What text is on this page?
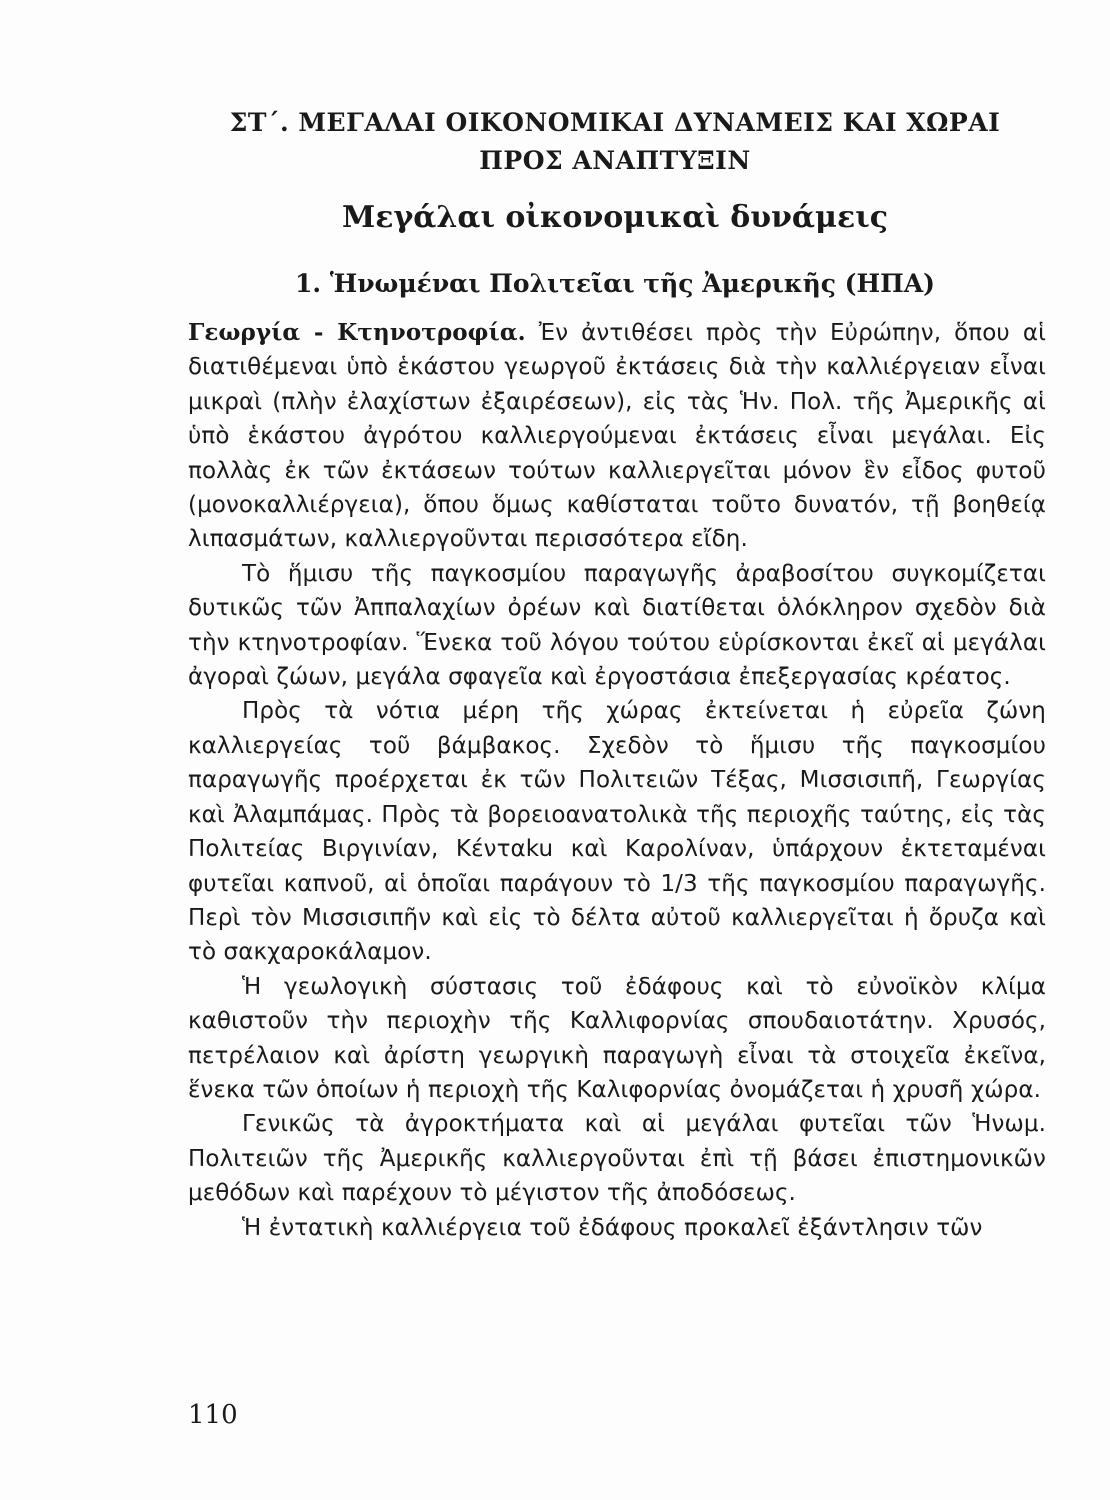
ΣΤ΄. ΜΕΓΑΛΑΙ ΟΙΚΟΝΟΜΙΚΑΙ ΔΥΝΑΜΕΙΣ ΚΑΙ ΧΩΡΑΙ
ΠΡΟΣ ΑΝΑΠΤΥΞΙΝ
Μεγάλαι οἰκονομικαὶ δυνάμεις
1. Ἡνωμέναι Πολιτεῖαι τῆς Ἀμερικῆς (ΗΠΑ)

Γεωργία - Κτηνοτροφία. Ἐν ἀντιθέσει πρὸς τὴν Εὐρώπην, ὅπου αἱ διατιθέμεναι ὑπὸ ἑκάστου γεωργοῦ ἐκτάσεις διὰ τὴν καλλιέργειαν εἶναι μικραὶ (πλὴν ἐλαχίστων ἐξαιρέσεων), εἰς τὰς Ἡν. Πολ. τῆς Ἀμερικῆς αἱ ὑπὸ ἑκάστου ἀγρότου καλλιεργούμεναι ἐκτάσεις εἶναι μεγάλαι. Εἰς πολλὰς ἐκ τῶν ἐκτάσεων τούτων καλλιεργεῖται μόνον ἓν εἶδος φυτοῦ (μονοκαλλιέργεια), ὅπου ὅμως καθίσταται τοῦτο δυνατόν, τῇ βοηθείᾳ λιπασμάτων, καλλιεργοῦνται περισσότερα εἴδη.

Τὸ ἥμισυ τῆς παγκοσμίου παραγωγῆς ἀραβοσίτου συγκομίζεται δυτικῶς τῶν Ἀππαλαχίων ὀρέων καὶ διατίθεται ὁλόκληρον σχεδὸν διὰ τὴν κτηνοτροφίαν. Ἕνεκα τοῦ λόγου τούτου εὑρίσκονται ἐκεῖ αἱ μεγάλαι ἀγοραὶ ζώων, μεγάλα σφαγεῖα καὶ ἐργοστάσια ἐπεξεργασίας κρέατος.

Πρὸς τὰ νότια μέρη τῆς χώρας ἐκτείνεται ἡ εὐρεῖα ζώνη καλλιεργείας τοῦ βάμβακος. Σχεδὸν τὸ ἥμισυ τῆς παγκοσμίου παραγωγῆς προέρχεται ἐκ τῶν Πολιτειῶν Τέξας, Μισσισιπῆ, Γεωργίας καὶ Ἀλαμπάμας. Πρὸς τὰ βορειοανατολικὰ τῆς περιοχῆς ταύτης, εἰς τὰς Πολιτείας Βιργινίαν, Κένταku καὶ Καρολίναν, ὑπάρχουν ἐκτεταμέναι φυτεῖαι καπνοῦ, αἱ ὁποῖαι παράγουν τὸ 1/3 τῆς παγκοσμίου παραγωγῆς. Περὶ τὸν Μισσισιπῆν καὶ εἰς τὸ δέλτα αὐτοῦ καλλιεργεῖται ἡ ὄρυζα καὶ τὸ σακχαροκάλαμον.

Ἡ γεωλογικὴ σύστασις τοῦ ἐδάφους καὶ τὸ εὐνοϊκὸν κλίμα καθιστοῦν τὴν περιοχὴν τῆς Καλλιφορνίας σπουδαιοτάτην. Χρυσός, πετρέλαιον καὶ ἀρίστη γεωργικὴ παραγωγὴ εἶναι τὰ στοιχεῖα ἐκεῖνα, ἕνεκα τῶν ὁποίων ἡ περιοχὴ τῆς Καλιφορνίας ὀνομάζεται ἡ χρυσῆ χώρα.

Γενικῶς τὰ ἀγροκτήματα καὶ αἱ μεγάλαι φυτεῖαι τῶν Ἡνωμ. Πολιτειῶν τῆς Ἀμερικῆς καλλιεργοῦνται ἐπὶ τῇ βάσει ἐπιστημονικῶν μεθόδων καὶ παρέχουν τὸ μέγιστον τῆς ἀποδόσεως.

Ἡ ἐντατικὴ καλλιέργεια τοῦ ἐδάφους προκαλεῖ ἐξάντλησιν τῶν

110
